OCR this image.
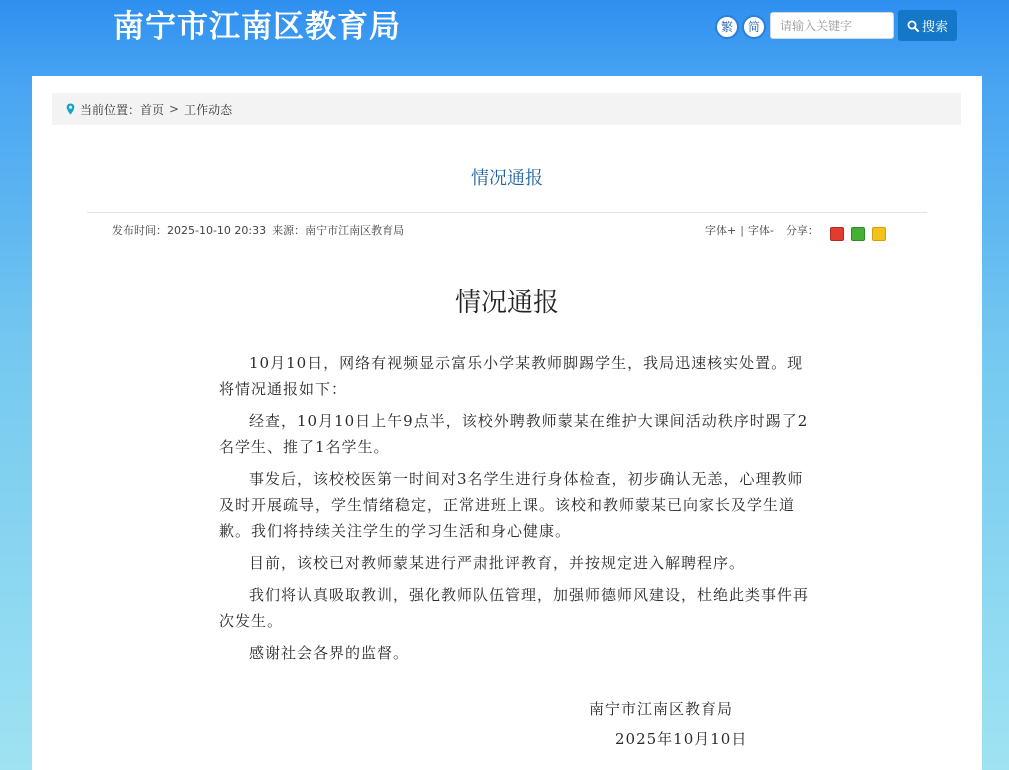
南宁市江南区教育局	繁	简
请输入关键字	搜索
当前位置： 首页 > 工作动态
情况通报
发布时间：2025-10-10 20:33 来源：南宁市江南区教育局	字体+ | 字体- 分享：
情况通报

10月10日，网络有视频显示富乐小学某教师脚踢学生，我局迅速核实处置。现将情况通报如下：

经查，10月10日上午9点半，该校外聘教师蒙某在维护大课间活动秩序时踢了2名学生、推了1名学生。

事发后，该校校医第一时间对3名学生进行身体检查，初步确认无恙，心理教师及时开展疏导，学生情绪稳定，正常进班上课。该校和教师蒙某已向家长及学生道歉。我们将持续关注学生的学习生活和身心健康。

目前，该校已对教师蒙某进行严肃批评教育，并按规定进入解聘程序。

我们将认真吸取教训，强化教师队伍管理，加强师德师风建设，杜绝此类事件再次发生。

感谢社会各界的监督。

南宁市江南区教育局
2025年10月10日
